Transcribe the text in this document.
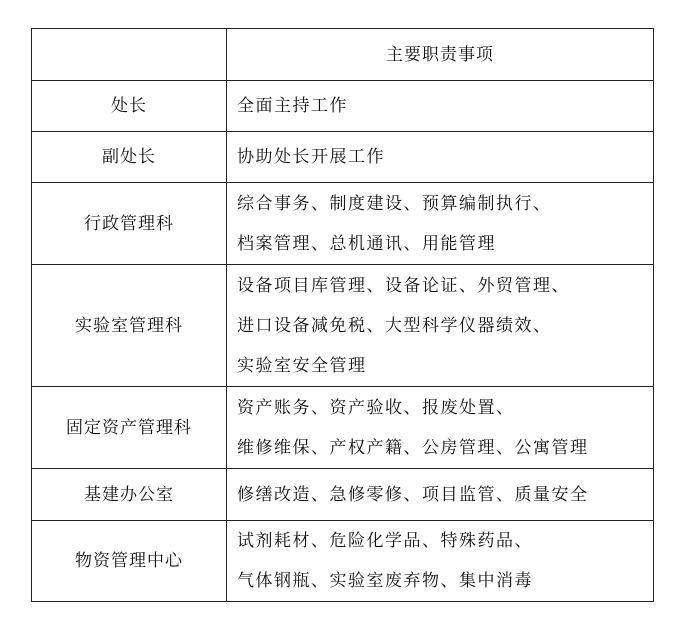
	主要职责事项
处长	全面主持工作

副处长	协助处长开展工作

行政管理科	综合事务、制度建设、预算编制执行、
档案管理、总机通讯、用能管理

实验室管理科	设备项目库管理、设备论证、外贸管理、
进口设备减免税、大型科学仪器绩效、
实验室安全管理

固定资产管理科	资产账务、资产验收、报废处置、
维修维保、产权产籍、公房管理、公寓管理

基建办公室	修缮改造、急修零修、项目监管、质量安全

物资管理中心	试剂耗材、危险化学品、特殊药品、
气体钢瓶、实验室废弃物、集中消毒
